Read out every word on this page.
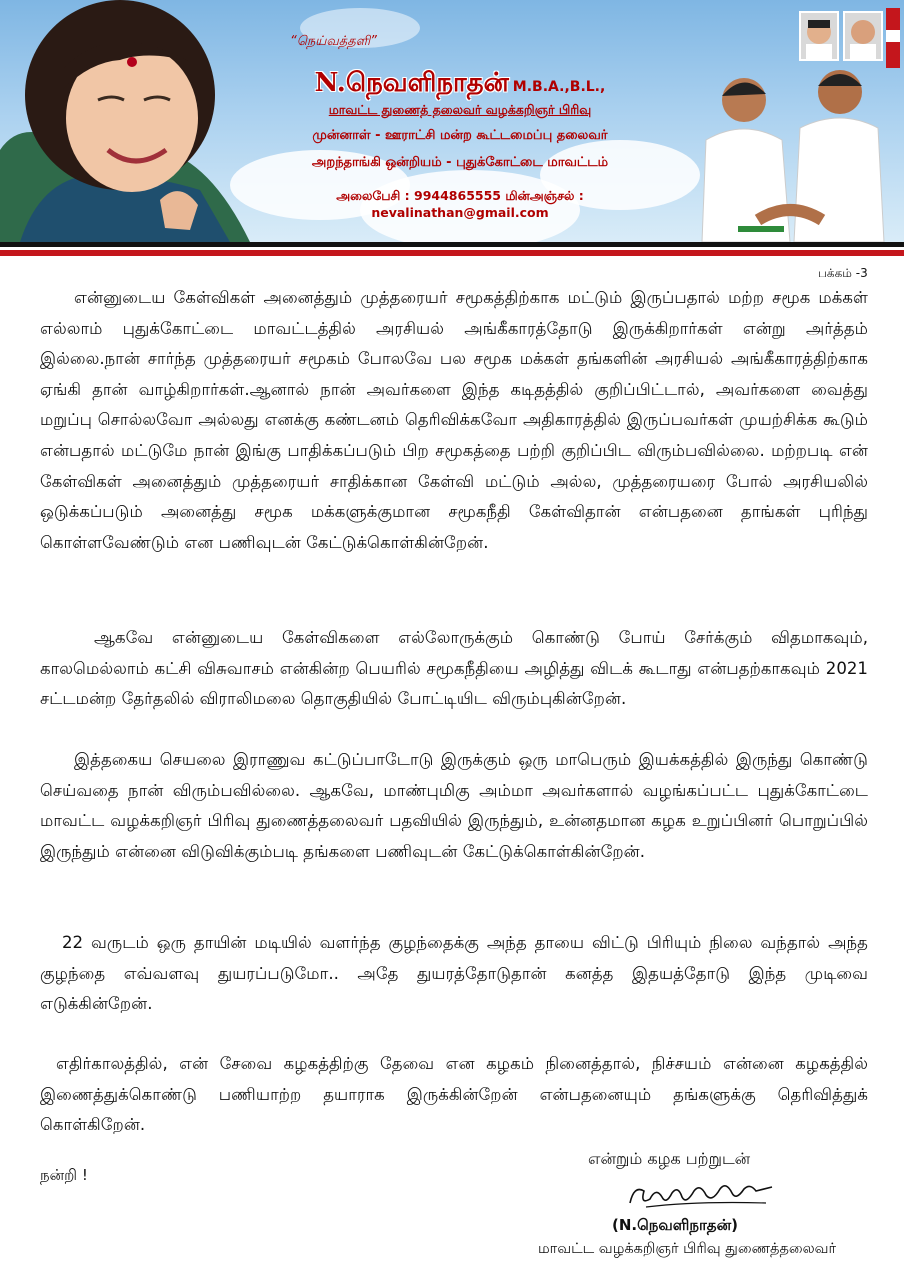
“நெய்வத்தளி”
N.நெவளிநாதன் M.B.A.,B.L.,
மாவட்ட துணைத் தலைவர் வழக்கறிஞர் பிரிவு
முன்னாள் - ஊராட்சி மன்ற கூட்டமைப்பு தலைவர்
அறந்தாங்கி ஒன்றியம் - புதுக்கோட்டை மாவட்டம்
அலைபேசி : 9944865555 மின்அஞ்சல் : nevalinathan@gmail.com
பக்கம் -3

என்னுடைய கேள்விகள் அனைத்தும் முத்தரையர் சமூகத்திற்காக மட்டும் இருப்பதால் மற்ற சமூக மக்கள் எல்லாம் புதுக்கோட்டை மாவட்டத்தில் அரசியல் அங்கீகாரத்தோடு இருக்கிறார்கள் என்று அர்த்தம் இல்லை.நான் சார்ந்த முத்தரையர் சமூகம் போலவே பல சமூக மக்கள் தங்களின் அரசியல் அங்கீகாரத்திற்காக ஏங்கி தான் வாழ்கிறார்கள்.ஆனால் நான் அவர்களை இந்த கடிதத்தில் குறிப்பிட்டால், அவர்களை வைத்து மறுப்பு சொல்லவோ அல்லது எனக்கு கண்டனம் தெரிவிக்கவோ அதிகாரத்தில் இருப்பவர்கள் முயற்சிக்க கூடும் என்பதால் மட்டுமே நான் இங்கு பாதிக்கப்படும் பிற சமூகத்தை பற்றி குறிப்பிட விரும்பவில்லை. மற்றபடி என் கேள்விகள் அனைத்தும் முத்தரையர் சாதிக்கான கேள்வி மட்டும் அல்ல, முத்தரையரை போல் அரசியலில் ஒடுக்கப்படும் அனைத்து சமூக மக்களுக்குமான சமூகநீதி கேள்விதான் என்பதனை தாங்கள் புரிந்து கொள்ளவேண்டும் என பணிவுடன் கேட்டுக்கொள்கின்றேன்.

ஆகவே என்னுடைய கேள்விகளை எல்லோருக்கும் கொண்டு போய் சேர்க்கும் விதமாகவும், காலமெல்லாம் கட்சி விசுவாசம் என்கின்ற பெயரில் சமூகநீதியை அழித்து விடக் கூடாது என்பதற்காகவும் 2021 சட்டமன்ற தேர்தலில் விராலிமலை தொகுதியில் போட்டியிட விரும்புகின்றேன்.

இத்தகைய செயலை இராணுவ கட்டுப்பாடோடு இருக்கும் ஒரு மாபெரும் இயக்கத்தில் இருந்து கொண்டு செய்வதை நான் விரும்பவில்லை. ஆகவே, மாண்புமிகு அம்மா அவர்களால் வழங்கப்பட்ட புதுக்கோட்டை மாவட்ட வழக்கறிஞர் பிரிவு துணைத்தலைவர் பதவியில் இருந்தும், உன்னதமான கழக உறுப்பினர் பொறுப்பில் இருந்தும் என்னை விடுவிக்கும்படி தங்களை பணிவுடன் கேட்டுக்கொள்கின்றேன்.

22 வருடம் ஒரு தாயின் மடியில் வளர்ந்த குழந்தைக்கு அந்த தாயை விட்டு பிரியும் நிலை வந்தால் அந்த குழந்தை எவ்வளவு துயரப்படுமோ.. அதே துயரத்தோடுதான் கனத்த இதயத்தோடு இந்த முடிவை எடுக்கின்றேன்.

எதிர்காலத்தில், என் சேவை கழகத்திற்கு தேவை என கழகம் நினைத்தால், நிச்சயம் என்னை கழகத்தில் இணைத்துக்கொண்டு பணியாற்ற தயாராக இருக்கின்றேன் என்பதனையும் தங்களுக்கு தெரிவித்துக் கொள்கிறேன்.

நன்றி !
என்றும் கழக பற்றுடன்
(N.நெவளிநாதன்)
மாவட்ட வழக்கறிஞர் பிரிவு துணைத்தலைவர்
